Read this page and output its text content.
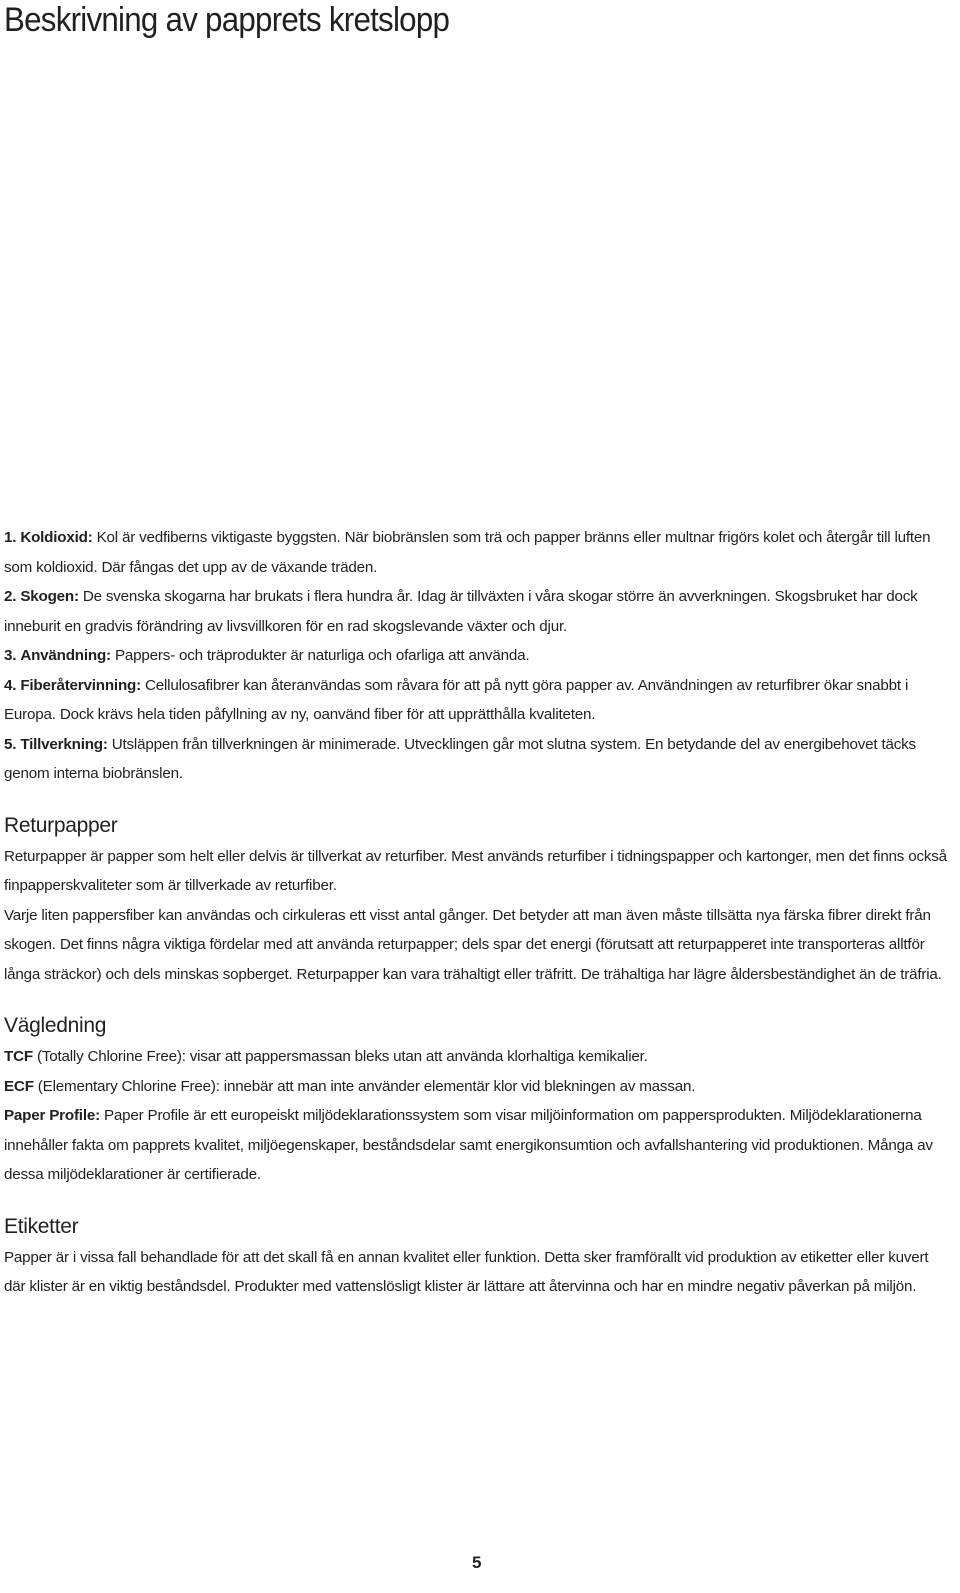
Beskrivning av papprets kretslopp

1. Koldioxid: Kol är vedfiberns viktigaste byggsten. När biobränslen som trä och papper bränns eller multnar frigörs kolet och återgår till luften som koldioxid. Där fångas det upp av de växande träden.

2. Skogen: De svenska skogarna har brukats i flera hundra år. Idag är tillväxten i våra skogar större än avverkningen. Skogsbruket har dock inneburit en gradvis förändring av livsvillkoren för en rad skogslevande växter och djur.

3. Användning: Pappers- och träprodukter är naturliga och ofarliga att använda.

4. Fiberåtervinning: Cellulosafibrer kan återanvändas som råvara för att på nytt göra papper av. Användningen av returfibrer ökar snabbt i Europa. Dock krävs hela tiden påfyllning av ny, oanvänd fiber för att upprätthålla kvaliteten.

5. Tillverkning: Utsläppen från tillverkningen är minimerade. Utvecklingen går mot slutna system. En betydande del av energibehovet täcks genom interna biobränslen.

Returpapper

Returpapper är papper som helt eller delvis är tillverkat av returfiber. Mest används returfiber i tidningspapper och kartonger, men det finns också finpapperskvaliteter som är tillverkade av returfiber.

Varje liten pappersfiber kan användas och cirkuleras ett visst antal gånger. Det betyder att man även måste tillsätta nya färska fibrer direkt från skogen. Det finns några viktiga fördelar med att använda returpapper; dels spar det energi (förutsatt att returpapperet inte transporteras alltför långa sträckor) och dels minskas sopberget. Returpapper kan vara trähaltigt eller träfritt. De trähaltiga har lägre åldersbeständighet än de träfria.

Vägledning

TCF (Totally Chlorine Free): visar att pappersmassan bleks utan att använda klorhaltiga kemikalier.

ECF (Elementary Chlorine Free): innebär att man inte använder elementär klor vid blekningen av massan.

Paper Profile: Paper Profile är ett europeiskt miljödeklarationssystem som visar miljöinformation om pappersprodukten. Miljödeklarationerna innehåller fakta om papprets kvalitet, miljöegenskaper, beståndsdelar samt energikonsumtion och avfallshantering vid produktionen. Många av dessa miljödeklarationer är certifierade.

Etiketter

Papper är i vissa fall behandlade för att det skall få en annan kvalitet eller funktion. Detta sker framförallt vid produktion av etiketter eller kuvert där klister är en viktig beståndsdel. Produkter med vattenslösligt klister är lättare att återvinna och har en mindre negativ påverkan på miljön.

5
